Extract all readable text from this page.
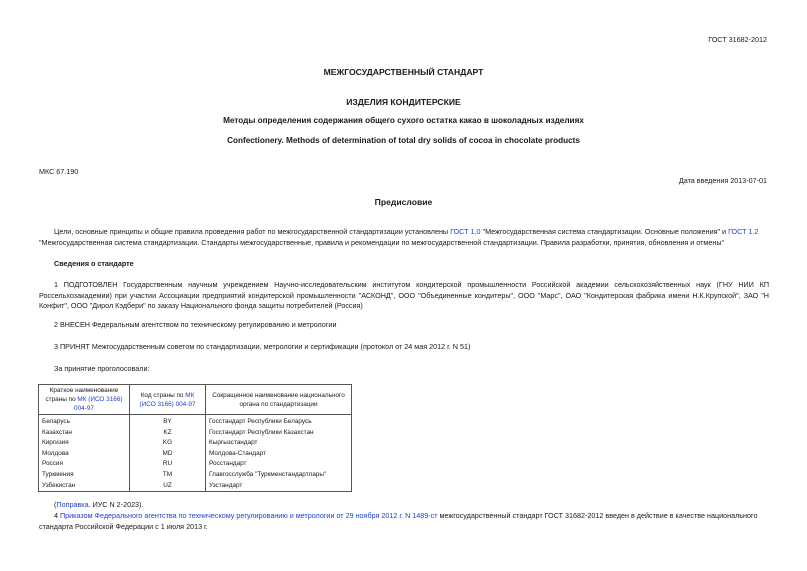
ГОСТ 31682-2012
МЕЖГОСУДАРСТВЕННЫЙ СТАНДАРТ
ИЗДЕЛИЯ КОНДИТЕРСКИЕ
Методы определения содержания общего сухого остатка какао в шоколадных изделиях
Confectionery. Methods of determination of total dry solids of cocoa in chocolate products
МКС 67.190
Дата введения 2013-07-01
Предисловие
Цели, основные принципы и общие правила проведения работ по межгосударственной стандартизации установлены ГОСТ 1.0 "Межгосударственная система стандартизации. Основные положения" и ГОСТ 1.2 "Межгосударственная система стандартизации. Стандарты межгосударственные, правила и рекомендации по межгосударственной стандартизации. Правила разработки, принятия, обновления и отмены"
Сведения о стандарте
1 ПОДГОТОВЛЕН Государственным научным учреждением Научно-исследовательским институтом кондитерской промышленности Российской академии сельскохозяйственных наук (ГНУ НИИ КП Россельхозакадемии) при участии Ассоциации предприятий кондитерской промышленности "АСКОНД", ООО "Объединенные кондитеры", ООО "Марс", ОАО "Кондитерская фабрика имени Н.К.Крупской", ЗАО "Н Конфит", ООО "Дирол Кэдбери" по заказу Национального фонда защиты потребителей (Россия)
2 ВНЕСЕН Федеральным агентством по техническому регулированию и метрологии
3 ПРИНЯТ Межгосударственным советом по стандартизации, метрологии и сертификации (протокол от 24 мая 2012 г. N 51)
За принятие проголосовали:
Краткое наименование страны по МК (ИСО 3166) 004-97	Код страны по МК (ИСО 3166) 004-97	Сокращенное наименование национального органа по стандартизации
Беларусь	BY	Госстандарт Республики Беларусь
Казахстан	KZ	Госстандарт Республики Казахстан
Киргизия	KG	Кыргызстандарт
Молдова	MD	Молдова-Стандарт
Россия	RU	Росстандарт
Туркмения	TM	Главгосслужба "Туркменстандартлары"
Узбекистан	UZ	Узстандарт
(Поправка. ИУС N 2-2023).
4 Приказом Федерального агентства по техническому регулированию и метрологии от 29 ноября 2012 г. N 1489-ст межгосударственный стандарт ГОСТ 31682-2012 введен в действие в качестве национального стандарта Российской Федерации с 1 июля 2013 г.
